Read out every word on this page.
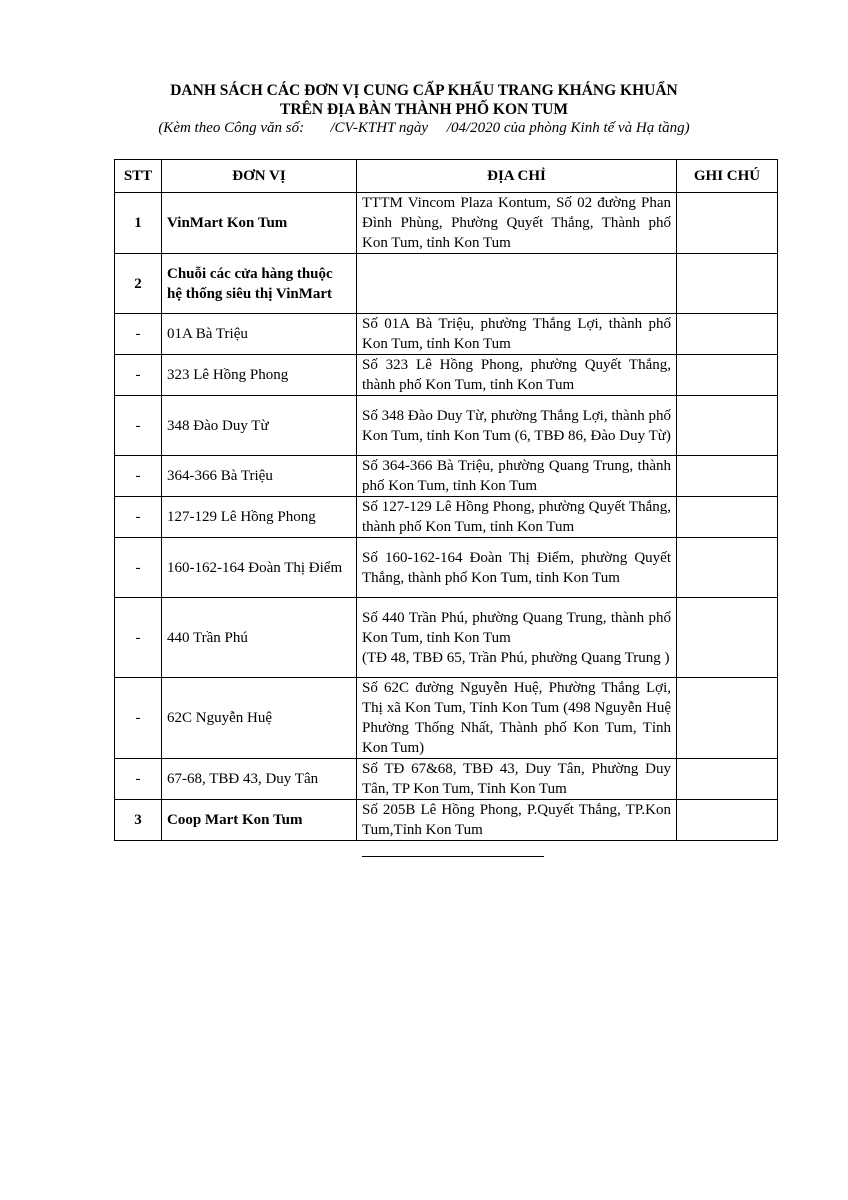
DANH SÁCH CÁC ĐƠN VỊ CUNG CẤP KHẨU TRANG KHÁNG KHUẨN
TRÊN ĐỊA BÀN THÀNH PHỐ KON TUM
(Kèm theo Công văn số:       /CV-KTHT ngày     /04/2020 của phòng Kinh tế và Hạ tầng)
STT	ĐƠN VỊ	ĐỊA CHỈ	GHI CHÚ
1	VinMart Kon Tum	TTTM Vincom Plaza Kontum, Số 02 đường Phan Đình Phùng, Phường Quyết Thắng, Thành phố Kon Tum, tỉnh Kon Tum	
2	Chuỗi các cửa hàng thuộc hệ thống siêu thị VinMart		
-	01A Bà Triệu	Số 01A Bà Triệu, phường Thắng Lợi, thành phố Kon Tum, tỉnh Kon Tum	
-	323 Lê Hồng Phong	Số 323 Lê Hồng Phong, phường Quyết Thắng, thành phố Kon Tum, tỉnh Kon Tum	
-	348 Đào Duy Từ	Số 348 Đào Duy Từ, phường Thắng Lợi, thành phố Kon Tum, tỉnh Kon Tum (6, TBĐ 86, Đào Duy Từ)	
-	364-366 Bà Triệu	Số 364-366 Bà Triệu, phường Quang Trung, thành phố Kon Tum, tỉnh Kon Tum	
-	127-129 Lê Hồng Phong	Số 127-129 Lê Hồng Phong, phường Quyết Thắng, thành phố Kon Tum, tỉnh Kon Tum	
-	160-162-164 Đoàn Thị Điểm	Số 160-162-164 Đoàn Thị Điểm, phường Quyết Thắng, thành phố Kon Tum, tỉnh Kon Tum	
-	440 Trần Phú	Số 440 Trần Phú, phường Quang Trung, thành phố Kon Tum, tỉnh Kon Tum
(TĐ 48, TBĐ 65, Trần Phú, phường Quang Trung )	
-	62C Nguyễn Huệ	Số 62C đường Nguyễn Huệ, Phường Thắng Lợi, Thị xã Kon Tum, Tỉnh Kon Tum (498 Nguyễn Huệ Phường Thống Nhất, Thành phố Kon Tum, Tỉnh Kon Tum)	
-	67-68, TBĐ 43, Duy Tân	Số TĐ 67&68, TBĐ 43, Duy Tân, Phường Duy Tân, TP Kon Tum, Tỉnh Kon Tum	
3	Coop Mart Kon Tum	Số 205B Lê Hồng Phong, P.Quyết Thắng, TP.Kon Tum,Tỉnh Kon Tum	
